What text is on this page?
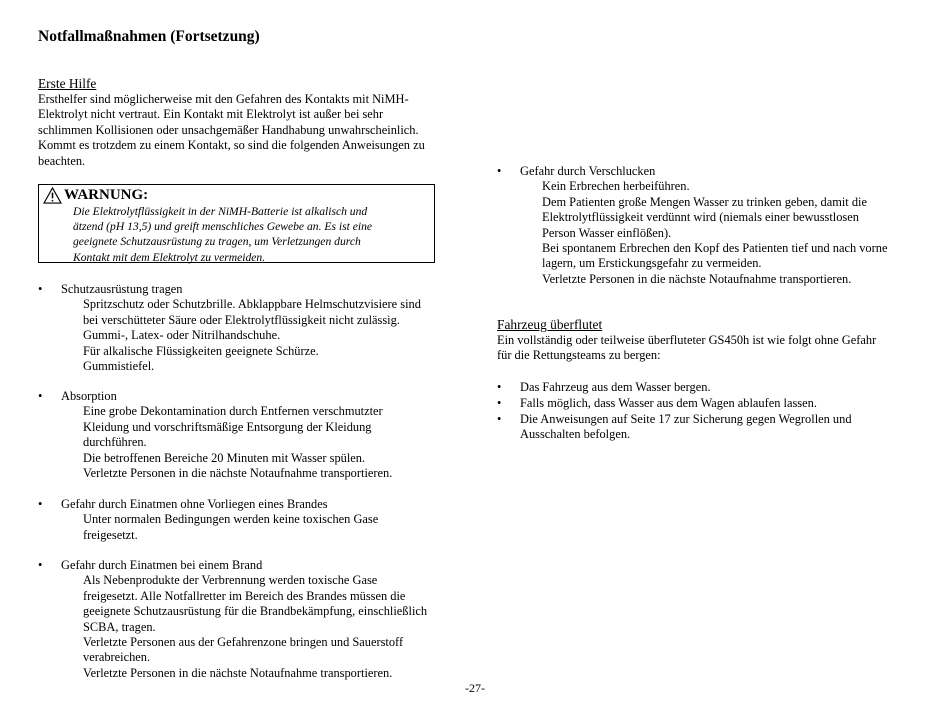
Notfallmaßnahmen (Fortsetzung)
Erste Hilfe
Ersthelfer sind möglicherweise mit den Gefahren des Kontakts mit NiMH-
Elektrolyt nicht vertraut. Ein Kontakt mit Elektrolyt ist außer bei sehr
schlimmen Kollisionen oder unsachgemäßer Handhabung unwahrscheinlich.
Kommt es trotzdem zu einem Kontakt, so sind die folgenden Anweisungen zu
beachten.
WARNUNG:
Die Elektrolytflüssigkeit in der NiMH-Batterie ist alkalisch und
ätzend (pH 13,5) und greift menschliches Gewebe an. Es ist eine
geeignete Schutzausrüstung zu tragen, um Verletzungen durch
Kontakt mit dem Elektrolyt zu vermeiden.
•	Schutzausrüstung tragen
Spritzschutz oder Schutzbrille. Abklappbare Helmschutzvisiere sind
bei verschütteter Säure oder Elektrolytflüssigkeit nicht zulässig.
Gummi-, Latex- oder Nitrilhandschuhe.
Für alkalische Flüssigkeiten geeignete Schürze.
Gummistiefel.
•	Absorption
Eine grobe Dekontamination durch Entfernen verschmutzter
Kleidung und vorschriftsmäßige Entsorgung der Kleidung
durchführen.
Die betroffenen Bereiche 20 Minuten mit Wasser spülen.
Verletzte Personen in die nächste Notaufnahme transportieren.
•	Gefahr durch Einatmen ohne Vorliegen eines Brandes
Unter normalen Bedingungen werden keine toxischen Gase
freigesetzt.
•	Gefahr durch Einatmen bei einem Brand
Als Nebenprodukte der Verbrennung werden toxische Gase
freigesetzt. Alle Notfallretter im Bereich des Brandes müssen die
geeignete Schutzausrüstung für die Brandbekämpfung, einschließlich
SCBA, tragen.
Verletzte Personen aus der Gefahrenzone bringen und Sauerstoff
verabreichen.
Verletzte Personen in die nächste Notaufnahme transportieren.
•	Gefahr durch Verschlucken
Kein Erbrechen herbeiführen.
Dem Patienten große Mengen Wasser zu trinken geben, damit die
Elektrolytflüssigkeit verdünnt wird (niemals einer bewusstlosen
Person Wasser einflößen).
Bei spontanem Erbrechen den Kopf des Patienten tief und nach vorne
lagern, um Erstickungsgefahr zu vermeiden.
Verletzte Personen in die nächste Notaufnahme transportieren.
Fahrzeug überflutet
Ein vollständig oder teilweise überfluteter GS450h ist wie folgt ohne Gefahr
für die Rettungsteams zu bergen:
•	Das Fahrzeug aus dem Wasser bergen.
•	Falls möglich, dass Wasser aus dem Wagen ablaufen lassen.
•	Die Anweisungen auf Seite 17 zur Sicherung gegen Wegrollen und
Ausschalten befolgen.
-27-
